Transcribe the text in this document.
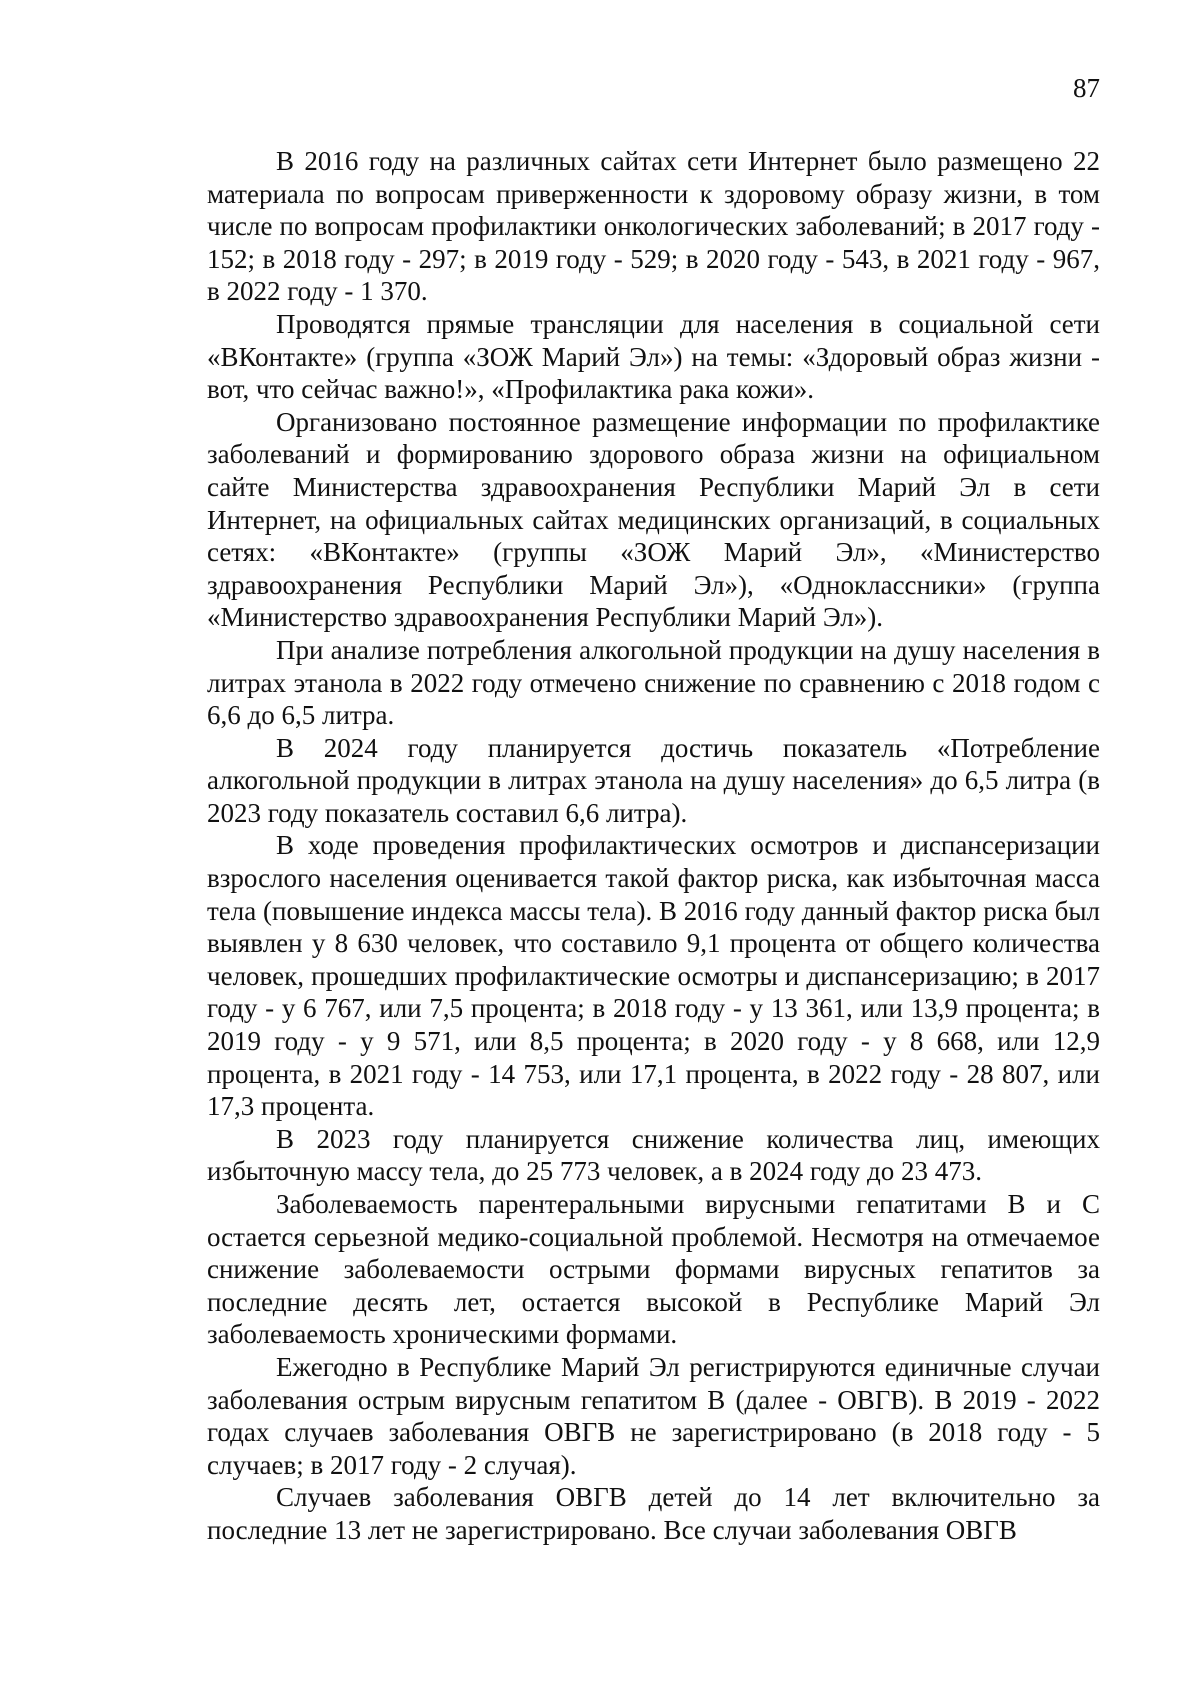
87

В 2016 году на различных сайтах сети Интернет было размещено 22 материала по вопросам приверженности к здоровому образу жизни, в том числе по вопросам профилактики онкологических заболеваний; в 2017 году - 152; в 2018 году - 297; в 2019 году - 529; в 2020 году - 543, в 2021 году - 967, в 2022 году - 1 370.

Проводятся прямые трансляции для населения в социальной сети «ВКонтакте» (группа «ЗОЖ Марий Эл») на темы: «Здоровый образ жизни - вот, что сейчас важно!», «Профилактика рака кожи».

Организовано постоянное размещение информации по профилактике заболеваний и формированию здорового образа жизни на официальном сайте Министерства здравоохранения Республики Марий Эл в сети Интернет, на официальных сайтах медицинских организаций, в социальных сетях: «ВКонтакте» (группы «ЗОЖ Марий Эл», «Министерство здравоохранения Республики Марий Эл»), «Одноклассники» (группа «Министерство здравоохранения Республики Марий Эл»).

При анализе потребления алкогольной продукции на душу населения в литрах этанола в 2022 году отмечено снижение по сравнению с 2018 годом с 6,6 до 6,5 литра.

В 2024 году планируется достичь показатель «Потребление алкогольной продукции в литрах этанола на душу населения» до 6,5 литра (в 2023 году показатель составил 6,6 литра).

В ходе проведения профилактических осмотров и диспансеризации взрослого населения оценивается такой фактор риска, как избыточная масса тела (повышение индекса массы тела). В 2016 году данный фактор риска был выявлен у 8 630 человек, что составило 9,1 процента от общего количества человек, прошедших профилактические осмотры и диспансеризацию; в 2017 году - у 6 767, или 7,5 процента; в 2018 году - у 13 361, или 13,9 процента; в 2019 году - у 9 571, или 8,5 процента; в 2020 году - у 8 668, или 12,9 процента, в 2021 году - 14 753, или 17,1 процента, в 2022 году - 28 807, или 17,3 процента.

В 2023 году планируется снижение количества лиц, имеющих избыточную массу тела, до 25 773 человек, а в 2024 году до 23 473.

Заболеваемость парентеральными вирусными гепатитами В и С остается серьезной медико-социальной проблемой. Несмотря на отмечаемое снижение заболеваемости острыми формами вирусных гепатитов за последние десять лет, остается высокой в Республике Марий Эл заболеваемость хроническими формами.

Ежегодно в Республике Марий Эл регистрируются единичные случаи заболевания острым вирусным гепатитом В (далее - ОВГВ). В 2019 - 2022 годах случаев заболевания ОВГВ не зарегистрировано (в 2018 году - 5 случаев; в 2017 году - 2 случая).

Случаев заболевания ОВГВ детей до 14 лет включительно за последние 13 лет не зарегистрировано. Все случаи заболевания ОВГВ
